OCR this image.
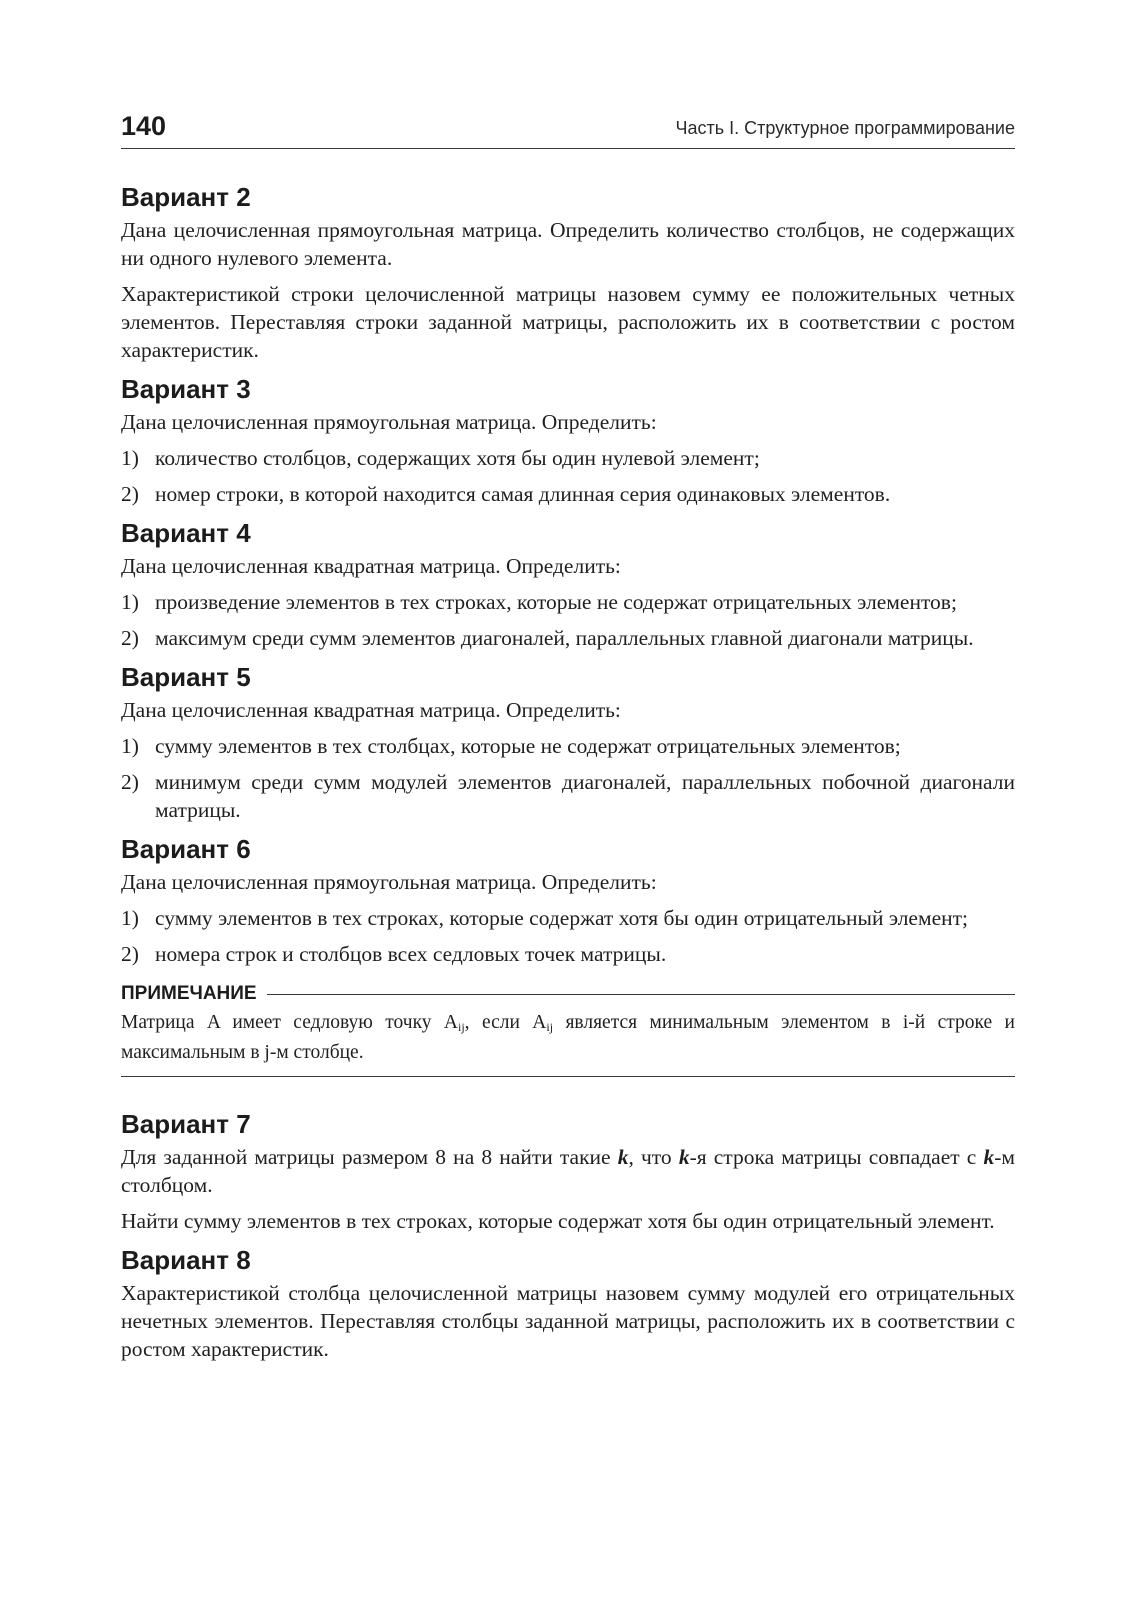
140	Часть I. Структурное программирование
Вариант 2

Дана целочисленная прямоугольная матрица. Определить количество столбцов, не содержащих ни одного нулевого элемента.

Характеристикой строки целочисленной матрицы назовем сумму ее положительных четных элементов. Переставляя строки заданной матрицы, расположить их в соответствии с ростом характеристик.

Вариант 3

Дана целочисленная прямоугольная матрица. Определить:

1) количество столбцов, содержащих хотя бы один нулевой элемент;
2) номер строки, в которой находится самая длинная серия одинаковых элементов.
Вариант 4

Дана целочисленная квадратная матрица. Определить:

1) произведение элементов в тех строках, которые не содержат отрицательных элементов;
2) максимум среди сумм элементов диагоналей, параллельных главной диагонали матрицы.
Вариант 5

Дана целочисленная квадратная матрица. Определить:

1) сумму элементов в тех столбцах, которые не содержат отрицательных элементов;
2) минимум среди сумм модулей элементов диагоналей, параллельных побочной диагонали матрицы.
Вариант 6

Дана целочисленная прямоугольная матрица. Определить:

1) сумму элементов в тех строках, которые содержат хотя бы один отрицательный элемент;
2) номера строк и столбцов всех седловых точек матрицы.
ПРИМЕЧАНИЕ

Матрица A имеет седловую точку $A_{ij}$, если $A_{ij}$ является минимальным элементом в i-й строке и максимальным в j-м столбце.

Вариант 7

Для заданной матрицы размером 8 на 8 найти такие k, что k-я строка матрицы совпадает с k-м столбцом.

Найти сумму элементов в тех строках, которые содержат хотя бы один отрицательный элемент.

Вариант 8

Характеристикой столбца целочисленной матрицы назовем сумму модулей его отрицательных нечетных элементов. Переставляя столбцы заданной матрицы, расположить их в соответствии с ростом характеристик.
